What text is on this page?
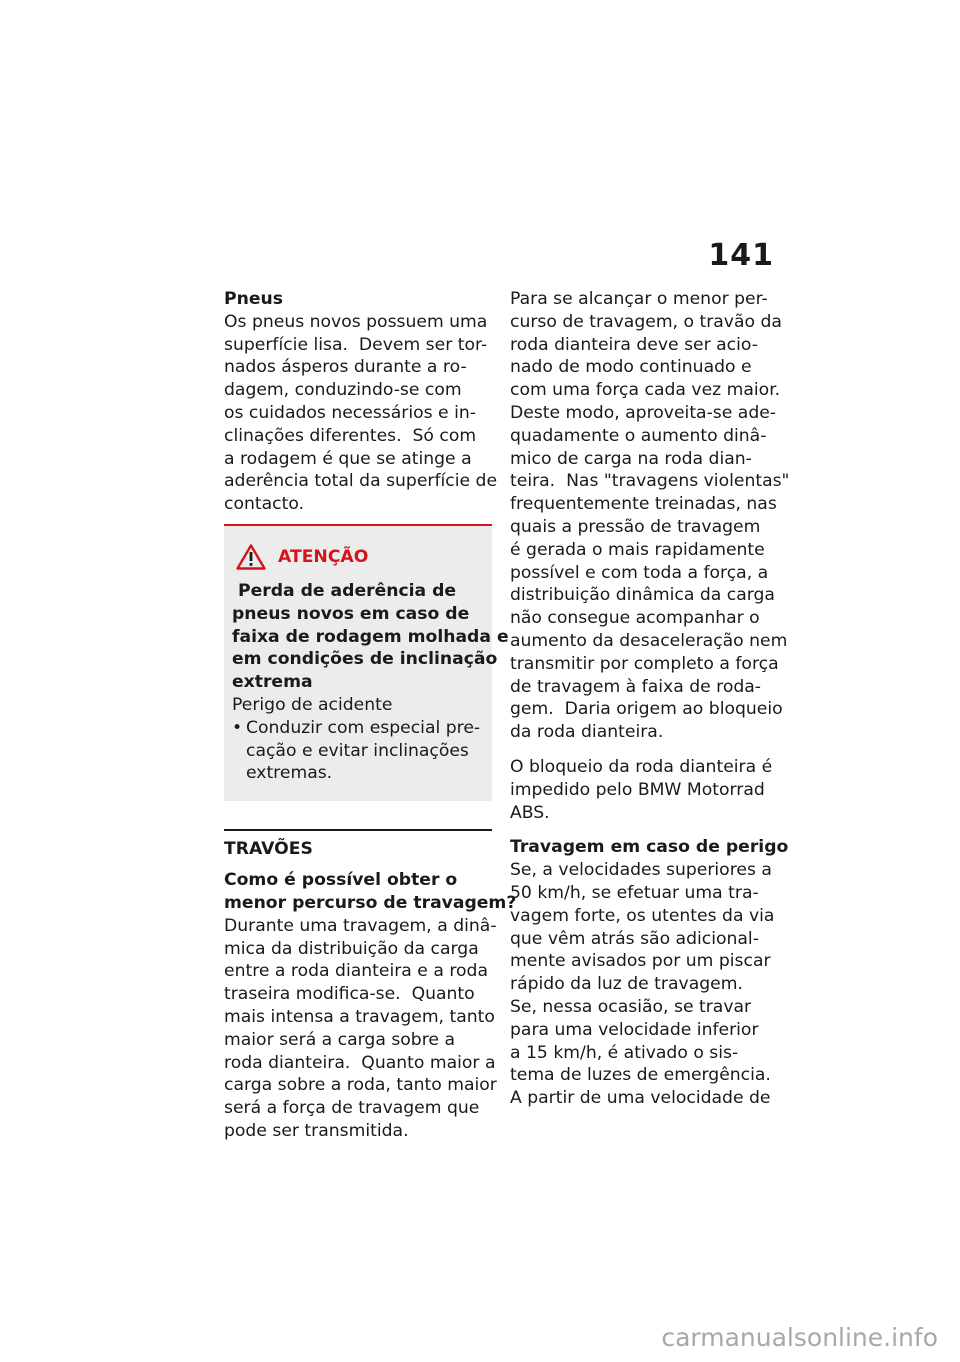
141
Pneus
Os pneus novos possuem uma
superfície lisa.  Devem ser tor-
nados ásperos durante a ro-
dagem, conduzindo-se com
os cuidados necessários e in-
clinações diferentes.  Só com
a rodagem é que se atinge a
aderência total da superfície de
contacto.
ATENÇÃO
Perda de aderência de
pneus novos em caso de
faixa de rodagem molhada e
em condições de inclinação
extrema
Perigo de acidente
• Conduzir com especial pre-
cação e evitar inclinações
extremas.
TRAVÕES
Como é possível obter o
menor percurso de travagem?
Durante uma travagem, a dinâ-
mica da distribuição da carga
entre a roda dianteira e a roda
traseira modifica-se.  Quanto
mais intensa a travagem, tanto
maior será a carga sobre a
roda dianteira.  Quanto maior a
carga sobre a roda, tanto maior
será a força de travagem que
pode ser transmitida.
Para se alcançar o menor per-
curso de travagem, o travão da
roda dianteira deve ser acio-
nado de modo continuado e
com uma força cada vez maior.
Deste modo, aproveita-se ade-
quadamente o aumento dinâ-
mico de carga na roda dian-
teira.  Nas "travagens violentas"
frequentemente treinadas, nas
quais a pressão de travagem
é gerada o mais rapidamente
possível e com toda a força, a
distribuição dinâmica da carga
não consegue acompanhar o
aumento da desaceleração nem
transmitir por completo a força
de travagem à faixa de roda-
gem.  Daria origem ao bloqueio
da roda dianteira.
O bloqueio da roda dianteira é
impedido pelo BMW Motorrad
ABS.
Travagem em caso de perigo
Se, a velocidades superiores a
50 km/h, se efetuar uma tra-
vagem forte, os utentes da via
que vêm atrás são adicional-
mente avisados por um piscar
rápido da luz de travagem.
Se, nessa ocasião, se travar
para uma velocidade inferior
a 15 km/h, é ativado o sis-
tema de luzes de emergência.
A partir de uma velocidade de
carmanualsonline.info
